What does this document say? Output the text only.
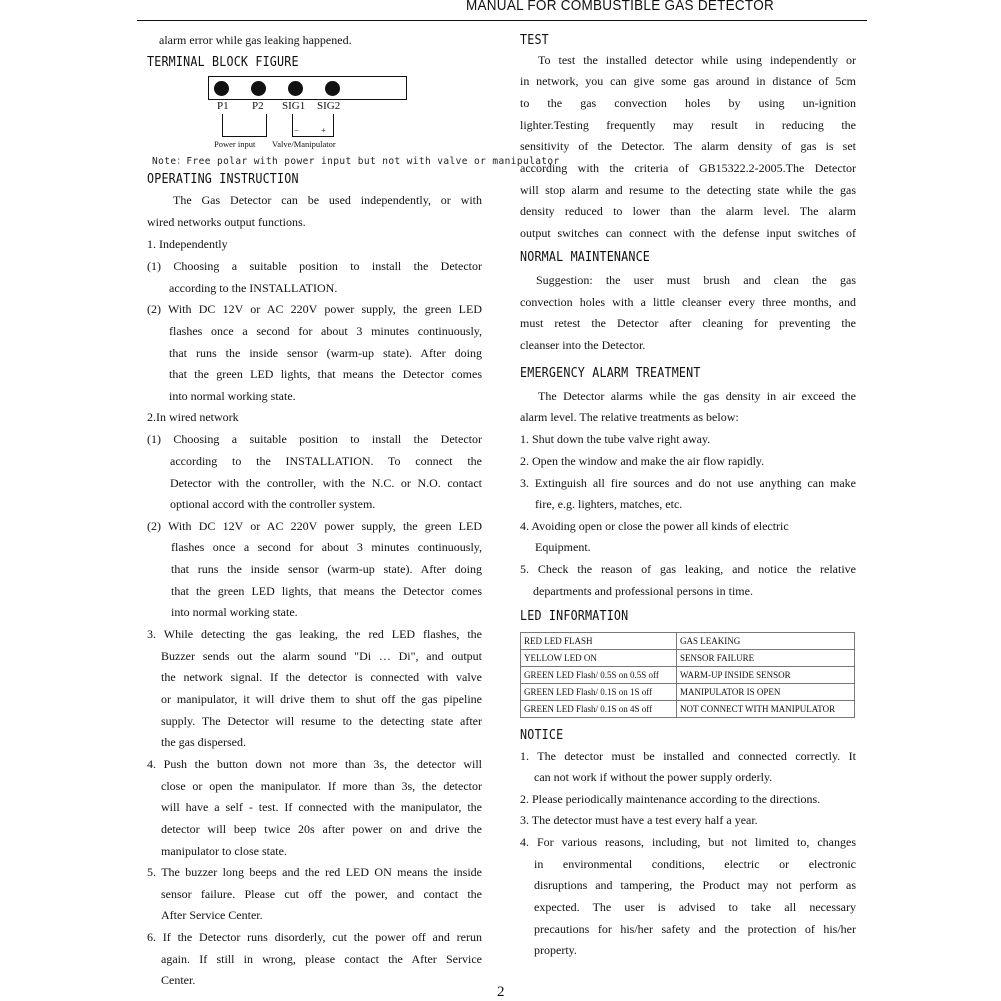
MANUAL FOR COMBUSTIBLE GAS DETECTOR
alarm error while gas leaking happened.
TERMINAL BLOCK FIGURE
P1 P2 SIG1 SIG2
−	+
Power input Valve/Manipulator
Note：Free polar with power input but not with valve or manipulator
OPERATING INSTRUCTION
The Gas Detector can be used independently, or with
wired networks output functions.
1. Independently
(1) Choosing a suitable position to install the Detector
according to the INSTALLATION.
(2) With DC 12V or AC 220V power supply, the green LED
flashes once a second for about 3 minutes continuously,
that runs the inside sensor (warm-up state). After doing
that the green LED lights, that means the Detector comes
into normal working state.
2.In wired network
(1) Choosing a suitable position to install the Detector
according to the INSTALLATION. To connect the
Detector with the controller, with the N.C. or N.O. contact
optional accord with the controller system.
(2) With DC 12V or AC 220V power supply, the green LED
flashes once a second for about 3 minutes continuously,
that runs the inside sensor (warm-up state). After doing
that the green LED lights, that means the Detector comes
into normal working state.
3. While detecting the gas leaking, the red LED flashes, the
Buzzer sends out the alarm sound "Di … Di", and output
the network signal. If the detector is connected with valve
or manipulator, it will drive them to shut off the gas pipeline
supply. The Detector will resume to the detecting state after
the gas dispersed.
4. Push the button down not more than 3s, the detector will
close or open the manipulator. If more than 3s, the detector
will have a self - test. If connected with the manipulator, the
detector will beep twice 20s after power on and drive the
manipulator to close state.
5. The buzzer long beeps and the red LED ON means the inside
sensor failure. Please cut off the power, and contact the
After Service Center.
6. If the Detector runs disorderly, cut the power off and rerun
again. If still in wrong, please contact the After Service
Center.
TEST
To test the installed detector while using independently or
in network, you can give some gas around in distance of 5cm
to the gas convection holes by using un-ignition
lighter.Testing frequently may result in reducing the
sensitivity of the Detector. The alarm density of gas is set
according with the criteria of GB15322.2-2005.The Detector
will stop alarm and resume to the detecting state while the gas
density reduced to lower than the alarm level. The alarm
output switches can connect with the defense input switches of
NORMAL MAINTENANCE
Suggestion: the user must brush and clean the gas
convection holes with a little cleanser every three months, and
must retest the Detector after cleaning for preventing the
cleanser into the Detector.
EMERGENCY ALARM TREATMENT
The Detector alarms while the gas density in air exceed the
alarm level. The relative treatments as below:
1. Shut down the tube valve right away.
2. Open the window and make the air flow rapidly.
3. Extinguish all fire sources and do not use anything can make
fire, e.g. lighters, matches, etc.
4. Avoiding open or close the power all kinds of electric
Equipment.
5. Check the reason of gas leaking, and notice the relative
departments and professional persons in time.
LED INFORMATION
RED LED FLASH	GAS LEAKING
YELLOW LED ON	SENSOR FAILURE
GREEN LED Flash/ 0.5S on 0.5S off	WARM-UP INSIDE SENSOR
GREEN LED Flash/ 0.1S on 1S off	MANIPULATOR IS OPEN
GREEN LED Flash/ 0.1S on 4S off	NOT CONNECT WITH MANIPULATOR
NOTICE
1. The detector must be installed and connected correctly. It
can not work if without the power supply orderly.
2. Please periodically maintenance according to the directions.
3. The detector must have a test every half a year.
4. For various reasons, including, but not limited to, changes
in environmental conditions, electric or electronic
disruptions and tampering, the Product may not perform as
expected. The user is advised to take all necessary
precautions for his/her safety and the protection of his/her
property.
2
